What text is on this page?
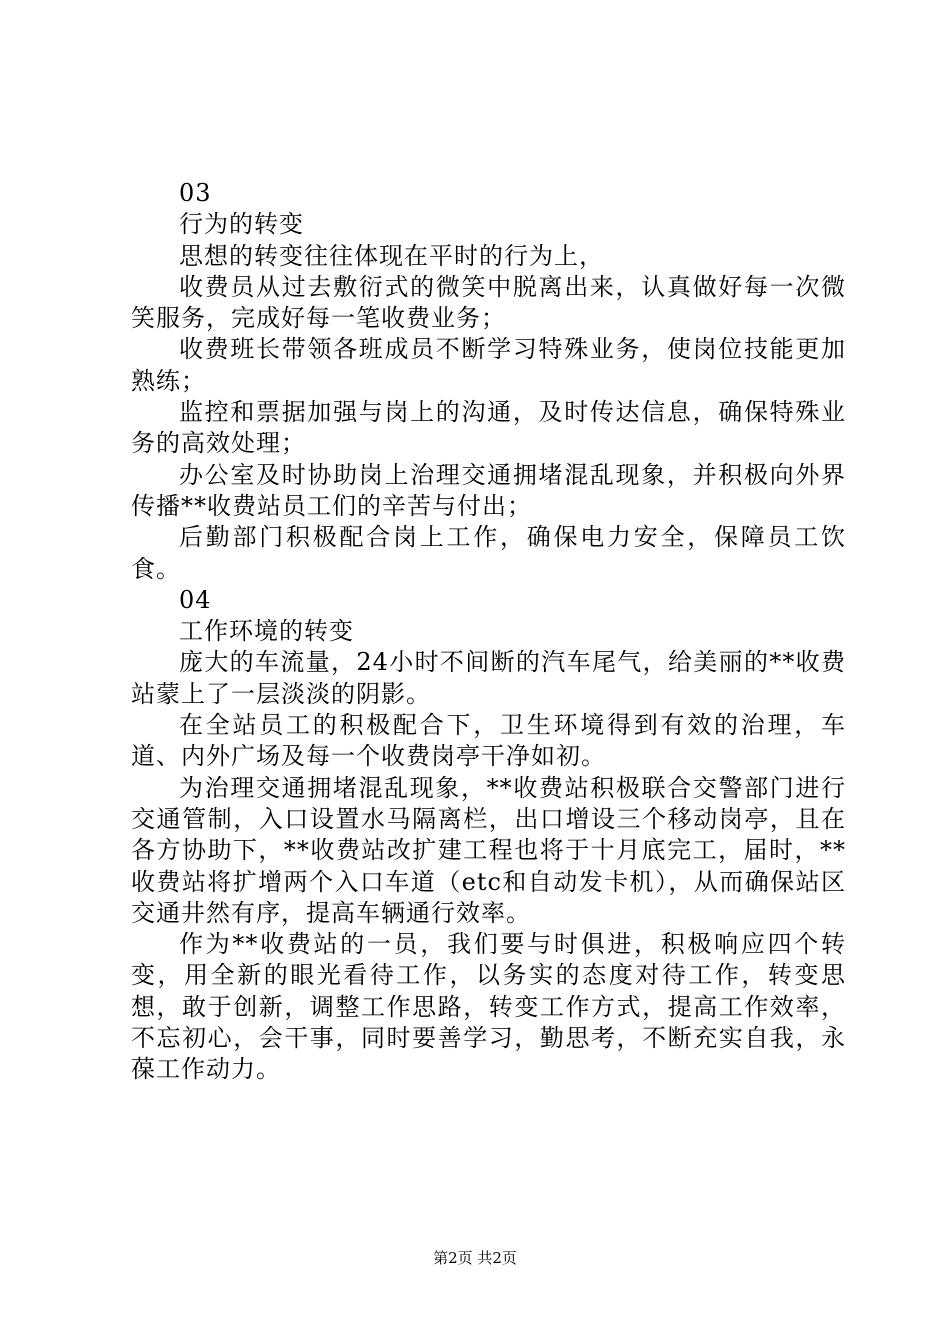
03

行为的转变

思想的转变往往体现在平时的行为上，

收费员从过去敷衍式的微笑中脱离出来，认真做好每一次微笑服务，完成好每一笔收费业务；

收费班长带领各班成员不断学习特殊业务，使岗位技能更加熟练；

监控和票据加强与岗上的沟通，及时传达信息，确保特殊业务的高效处理；

办公室及时协助岗上治理交通拥堵混乱现象，并积极向外界传播**收费站员工们的辛苦与付出；

后勤部门积极配合岗上工作，确保电力安全，保障员工饮食。

04

工作环境的转变

庞大的车流量，24小时不间断的汽车尾气，给美丽的**收费站蒙上了一层淡淡的阴影。

在全站员工的积极配合下，卫生环境得到有效的治理，车道、内外广场及每一个收费岗亭干净如初。

为治理交通拥堵混乱现象，**收费站积极联合交警部门进行交通管制，入口设置水马隔离栏，出口增设三个移动岗亭，且在各方协助下，**收费站改扩建工程也将于十月底完工，届时，**收费站将扩增两个入口车道（etc和自动发卡机），从而确保站区交通井然有序，提高车辆通行效率。

作为**收费站的一员，我们要与时俱进，积极响应四个转变，用全新的眼光看待工作，以务实的态度对待工作，转变思想，敢于创新，调整工作思路，转变工作方式，提高工作效率，不忘初心，会干事，同时要善学习，勤思考，不断充实自我，永葆工作动力。

第2页 共2页
